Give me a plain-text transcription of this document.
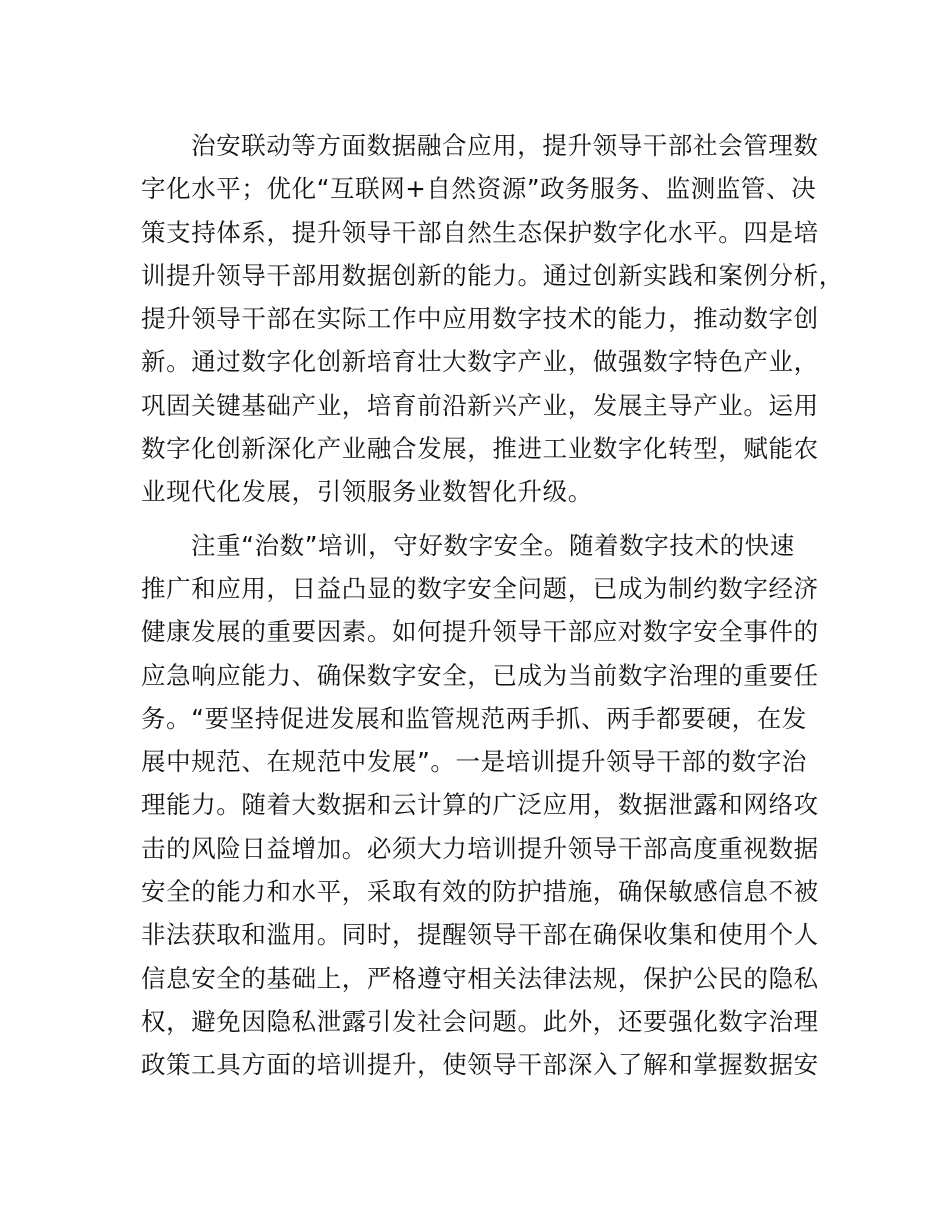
治安联动等方面数据融合应用，提升领导干部社会管理数
字化水平；优化“互联网+自然资源”政务服务、监测监管、决
策支持体系，提升领导干部自然生态保护数字化水平。四是培
训提升领导干部用数据创新的能力。通过创新实践和案例分析，
提升领导干部在实际工作中应用数字技术的能力，推动数字创
新。通过数字化创新培育壮大数字产业，做强数字特色产业，
巩固关键基础产业，培育前沿新兴产业，发展主导产业。运用
数字化创新深化产业融合发展，推进工业数字化转型，赋能农
业现代化发展，引领服务业数智化升级。
注重“治数”培训，守好数字安全。随着数字技术的快速
推广和应用，日益凸显的数字安全问题，已成为制约数字经济
健康发展的重要因素。如何提升领导干部应对数字安全事件的
应急响应能力、确保数字安全，已成为当前数字治理的重要任
务。“要坚持促进发展和监管规范两手抓、两手都要硬，在发
展中规范、在规范中发展”。一是培训提升领导干部的数字治
理能力。随着大数据和云计算的广泛应用，数据泄露和网络攻
击的风险日益增加。必须大力培训提升领导干部高度重视数据
安全的能力和水平，采取有效的防护措施，确保敏感信息不被
非法获取和滥用。同时，提醒领导干部在确保收集和使用个人
信息安全的基础上，严格遵守相关法律法规，保护公民的隐私
权，避免因隐私泄露引发社会问题。此外，还要强化数字治理
政策工具方面的培训提升，使领导干部深入了解和掌握数据安
